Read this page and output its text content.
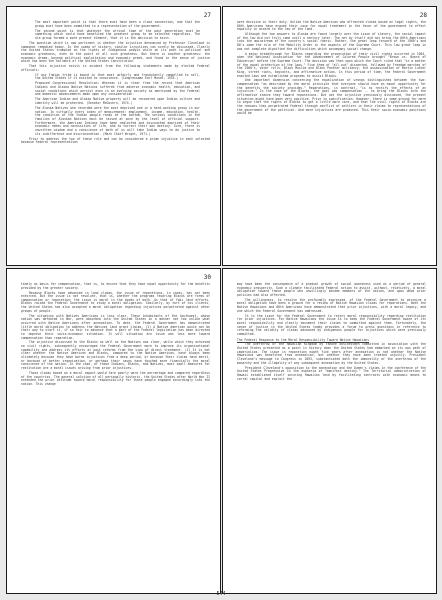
27

The most important point is that there must have been a close connection, and that the group must have been committed to a representation of the government.

The second point is that whatever the arrival time of the past generation must be something which could have benefited the greatest group to be selected regardless. The old group formed a more present element, that it is the decision to exist.

The question which is now pertinent is whether the injustice denounced by Professor Cleveland is somewhat remedied today. In the sweep of history, similar injustices can surely be discussed. Clearly the United States trampled on the rights of indigenous people while on its path to political and economic greatness, even to the point of all such greatness. But there is another greatness: the economic dream, beyond political exploitation and economic greed, and found in the sense of justice which has been the hallmark of the United States Constitution.

That this injustice exists is evident from the following statements made by elected Federal officials:

If any Indian tribe is bound in that most unfairly and fraudulently compelled to sell, the United States if it existed to conscience. (Congressman Earl Mundt, 1935.)

Proposed Congressional Resolution: Whereas it is clear from the record that American Indians and Alaska Native Nations suffered from adverse economic health, education, and social conditions which persist even in an evolving society as mentioned by the Federal and domestic advancements made upon any consideration.

The American Indian and Alaska Native property will be recovered upon Indian culture and identity will be protected. (Senator McGovern, 1974.)

The Alaska Natives who recorded were the most deprived and in a hard-working group in our nation. In virtually every index of measurement: employment, income, education, health, the condition of the Indian people ranks at the bottom. The serious conditions in the families of Alaskan Natives must be raised at once by the level of official support. Furthermore, the American Indians have been neglected and discounted deprived of their economic needs and necessities of life, and to correct their own destiny. Sure, there is unwritten wisdom and a conscience of both of us will take Indian ways to do justice to its indifference and discrimination. (Mark Chief Wright, 1971.)

Prior to address the two of these rule and can be considered a prime injustice in each selected because Federal representatives

28

were decisive in their duty. Unlike the Native American who affronted claims based on legal rights, the 60th Americans have argued their case for equal treatment in the favor of the government to effect equality in accord to the law of the land.

Although the two answers to Alaska are found largely over the issue of slavery, the social impact of the law did not truly come until a century later. The net by itself did not bring the 60th Americans into the mainstream of the country's social fabric. Rather, the great leap forward of the 1960's and 80's came the rule of the Mobility Order in the aspects of the Supreme Court. This law great leap in was not complete dignified the difficulties which accompany social change.

A major breakthrough for Blacks regarding the prosecution of their civil rights occurred in 1964, when the National Association for the Advancement of Colored People brought "Brown vs. Board of Education" before the Supreme Court. The decision was then upon which the Court ruled that "in a matter of the equal protection of the laws." Five them of "all-out" dissented, followed by Freedom marches of the 1960's, voter rolls, Black Muslim and Black Panther militancy, the assassination of Martin Luther King, street riots, boycotts, and affirmative action. In this period of time, the Federal Government enacted laws and established programs to assist Blacks.

One important dimension concerning the equalization of wrongs distinguishes between the two: compensation "as described by the moral principle that everyone should have an equal opportunity for the benefits the society provides." Reparations, in contrast, "is to rectify the effects of an injustice." In the case of the Blacks, the goal was compensation -- to bring the Blacks into the affirmative stance they toward reparations. But not the injustice previously discussed, the present situation might have been very positive. Prior to specification. However, there is some ground for more to argue that the rights of Blacks to get a little more care, and that the civil rights of Blacks are the reasons they perpetrated Federal through conflict of settlers in their claims to representations of the government of the political. And more injustices are produced. This their socio-economic positions would be

30

timely as basis for compensation, that is, to ensure that they have equal opportunity for the benefits provided by the greater society.

Because Blacks have advanced in land claims, the issue of reparations, in cases, has not been enforced. But the issue is not resolute, that is, whether the programs favoring Blacks are forms of compensation or reparation; the issue is moral in the bonds of both. As that of Yaki land efforts, Blacks raised the Federal Government to study a moral obligation. Similarly, by tort of his clients, the United States has also accepted a moral obligation regarding injustices perpetrated against other groups of people.

The situation with Natives Americans is less clear. These inhabitants of the Southwest, whose nation was defeated in War, were absorbed into the United States in a manner not too unlike what occurred with Native Americans after annexation. To date, the Federal Government has demonstrated little moral obligation to address the Natives land grant claims. (1) A Native American would not be their way to start it, if so fair to advance that a part of the Federal legislation has been directed to improve their socio-economic situation. It will situation are issue was less more toward compensation than reparation.

The injustice discussed to the Blacks as well as the Natives was clear, while which they achieved no civil rights, subsequently encouraged the Federal Government more to improve its organizational capability and address its efforts at past reforms from the view of direct treatment. (1) It is not clear whether the Native American and Blacks, compared to the Native American, have always been ultimately because they have borne injustices from a deep period, or because their claims have merit, or because of better organization, or perhaps their cases have touched more financially the moral conscience of the nation. In the case, of those Indians, Blacks, and Natives, most small measures for restitution are a moral issues arising from prior injustices.

Those claims based on a moral impact would fare poorly were the percentage and compared regardless of the countries. The general solution of all personally historic, the United States after World War II extended the prior attitude toward moral responsibility for those people engaged accordingly into the nation. This change

may have been the consequence of a gradual growth of social awareness used as a period of general economic prosperity. Such a climate facilitated Federal action to assist, without, relatively, a moral obligation toward those people who unwillingly became members of the nation, and upon whom prior policies had also affected.

The willingness, to resolve the profoundly expressed, of the Federal Government to perceive a moral obligation have been a ground for a review of Native Hawaiian claims for reparations. Both the Native Hawaiians and 60th Americans have demonstrated that prior injustices, with a moral legacy, and one which the Federal Government has addressed.

It is the issue for the Federal Government to reject moral responsibility regarding restitution for prior injustices. For Native Hawaiians the issue is to keep the Federal Government aware of its moral responsibility and clearly document their claims to committed against them. Fortunately, the sense of justice in the United States today provides a forum to press questions in reference to reforming the validity of claims advanced by indigenous people for injustices which were previously committed.

The Federal Response to the Moral Responsibility Toward Native Hawaiians

The overthrow of the Hawaiian Kingdom by Yankee businessmen committed in association with the United States presented as a point in history when the United States had embarked on its own path of imperialism. The issue in reparation might five years after annexation is not whether the Native Hawaiians was benefited from annexation, but whether they have been treated unjustly. President Cleveland's message to Congress in 1893, substantiated both the immorality of the overthrow of the monarchy and the illegality of any subsequent annexation by the United States.

President Cleveland's opposition to the annexation and the Queen's claims in the conference of the United States Progressive in the euphoria of "manifest destiny." The Territorial administration of Hawaii established itself securing Hawaiian land by facilitating contracts with economic means to corral capital and exploit the

544
